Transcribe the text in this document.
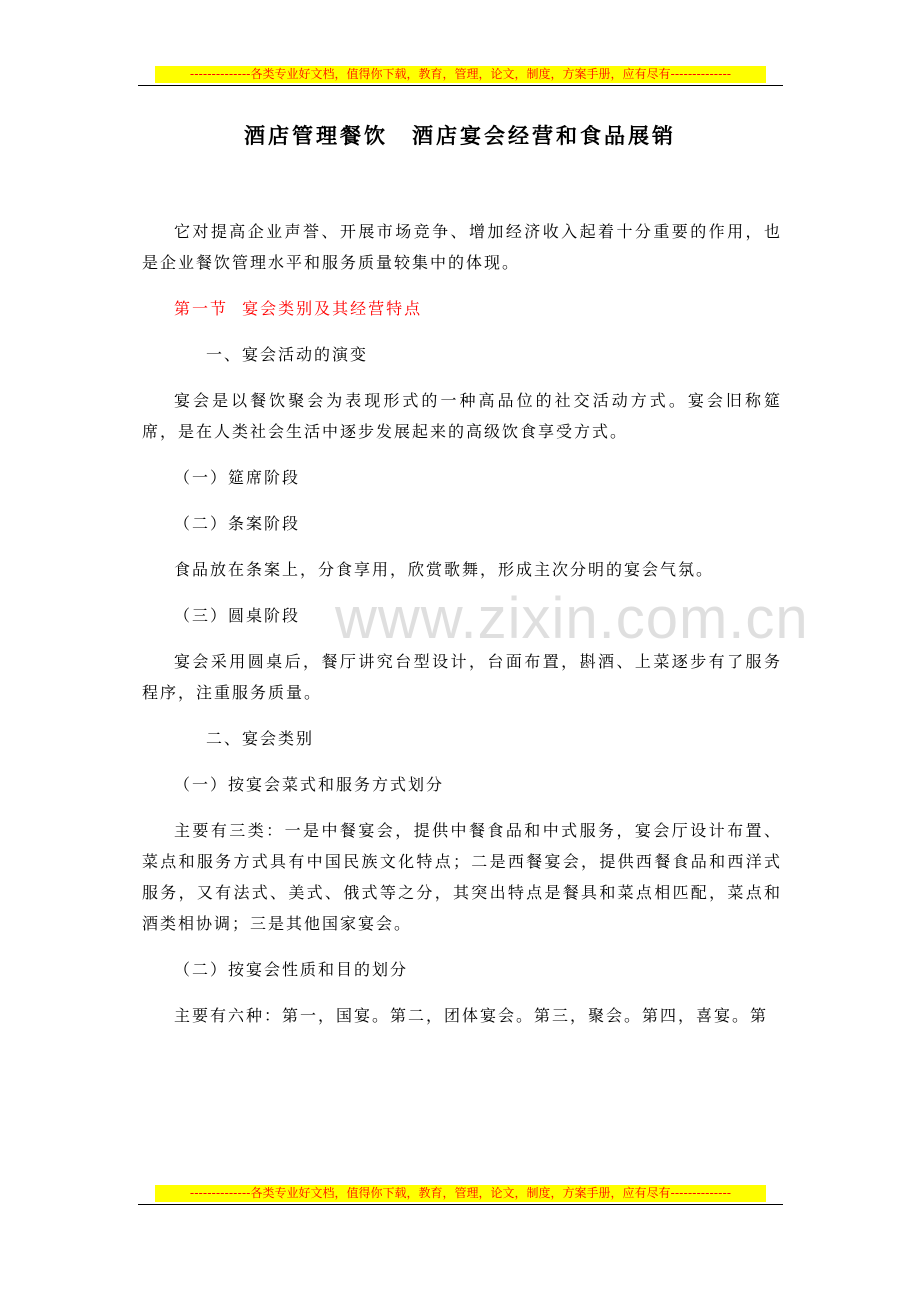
--------------各类专业好文档，值得你下载，教育，管理，论文，制度，方案手册，应有尽有--------------
酒店管理餐饮　酒店宴会经营和食品展销

它对提高企业声誉、开展市场竞争、增加经济收入起着十分重要的作用，也是企业餐饮管理水平和服务质量较集中的体现。

第一节  宴会类别及其经营特点

一、宴会活动的演变

宴会是以餐饮聚会为表现形式的一种高品位的社交活动方式。宴会旧称筵席，是在人类社会生活中逐步发展起来的高级饮食享受方式。

（一）筵席阶段

（二）条案阶段

食品放在条案上，分食享用，欣赏歌舞，形成主次分明的宴会气氛。

（三）圆桌阶段

宴会采用圆桌后，餐厅讲究台型设计，台面布置，斟酒、上菜逐步有了服务程序，注重服务质量。

二、宴会类别

（一）按宴会菜式和服务方式划分

主要有三类：一是中餐宴会，提供中餐食品和中式服务，宴会厅设计布置、菜点和服务方式具有中国民族文化特点；二是西餐宴会，提供西餐食品和西洋式服务，又有法式、美式、俄式等之分，其突出特点是餐具和菜点相匹配，菜点和酒类相协调；三是其他国家宴会。

（二）按宴会性质和目的划分

主要有六种：第一，国宴。第二，团体宴会。第三，聚会。第四，喜宴。第

www.zixin.com.cn
--------------各类专业好文档，值得你下载，教育，管理，论文，制度，方案手册，应有尽有--------------
